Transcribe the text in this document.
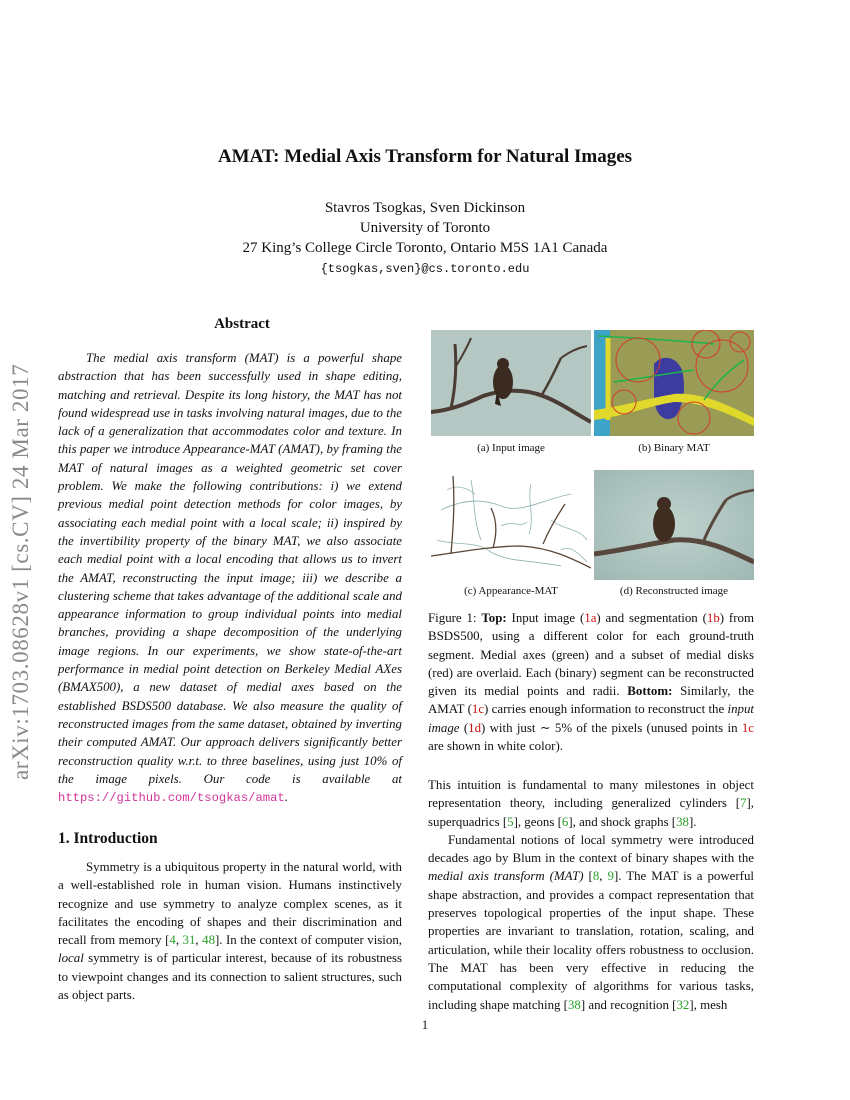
arXiv:1703.08628v1 [cs.CV] 24 Mar 2017
AMAT: Medial Axis Transform for Natural Images
Stavros Tsogkas, Sven Dickinson
University of Toronto
27 King’s College Circle Toronto, Ontario M5S 1A1 Canada
{tsogkas,sven}@cs.toronto.edu
Abstract
The medial axis transform (MAT) is a powerful shape abstraction that has been successfully used in shape editing, matching and retrieval. Despite its long history, the MAT has not found widespread use in tasks involving natural images, due to the lack of a generalization that accommodates color and texture. In this paper we introduce Appearance-MAT (AMAT), by framing the MAT of natural images as a weighted geometric set cover problem. We make the following contributions: i) we extend previous medial point detection methods for color images, by associating each medial point with a local scale; ii) inspired by the invertibility property of the binary MAT, we also associate each medial point with a local encoding that allows us to invert the AMAT, reconstructing the input image; iii) we describe a clustering scheme that takes advantage of the additional scale and appearance information to group individual points into medial branches, providing a shape decomposition of the underlying image regions. In our experiments, we show state-of-the-art performance in medial point detection on Berkeley Medial AXes (BMAX500), a new dataset of medial axes based on the established BSDS500 database. We also measure the quality of reconstructed images from the same dataset, obtained by inverting their computed AMAT. Our approach delivers significantly better reconstruction quality w.r.t. to three baselines, using just 10% of the image pixels. Our code is available at https://github.com/tsogkas/amat.
1. Introduction
Symmetry is a ubiquitous property in the natural world, with a well-established role in human vision. Humans instinctively recognize and use symmetry to analyze complex scenes, as it facilitates the encoding of shapes and their discrimination and recall from memory [4, 31, 48]. In the context of computer vision, local symmetry is of particular interest, because of its robustness to viewpoint changes and its connection to salient structures, such as object parts.
(a) Input image	(b) Binary MAT
(c) Appearance-MAT	(d) Reconstructed image
Figure 1: Top: Input image (1a) and segmentation (1b) from BSDS500, using a different color for each ground-truth segment. Medial axes (green) and a subset of medial disks (red) are overlaid. Each (binary) segment can be reconstructed given its medial points and radii. Bottom: Similarly, the AMAT (1c) carries enough information to reconstruct the input image (1d) with just ∼ 5% of the pixels (unused points in 1c are shown in white color).

This intuition is fundamental to many milestones in object representation theory, including generalized cylinders [7], superquadrics [5], geons [6], and shock graphs [38].

Fundamental notions of local symmetry were introduced decades ago by Blum in the context of binary shapes with the medial axis transform (MAT) [8, 9]. The MAT is a powerful shape abstraction, and provides a compact representation that preserves topological properties of the input shape. These properties are invariant to translation, rotation, scaling, and articulation, while their locality offers robustness to occlusion. The MAT has been very effective in reducing the computational complexity of algorithms for various tasks, including shape matching [38] and recognition [32], mesh

1
